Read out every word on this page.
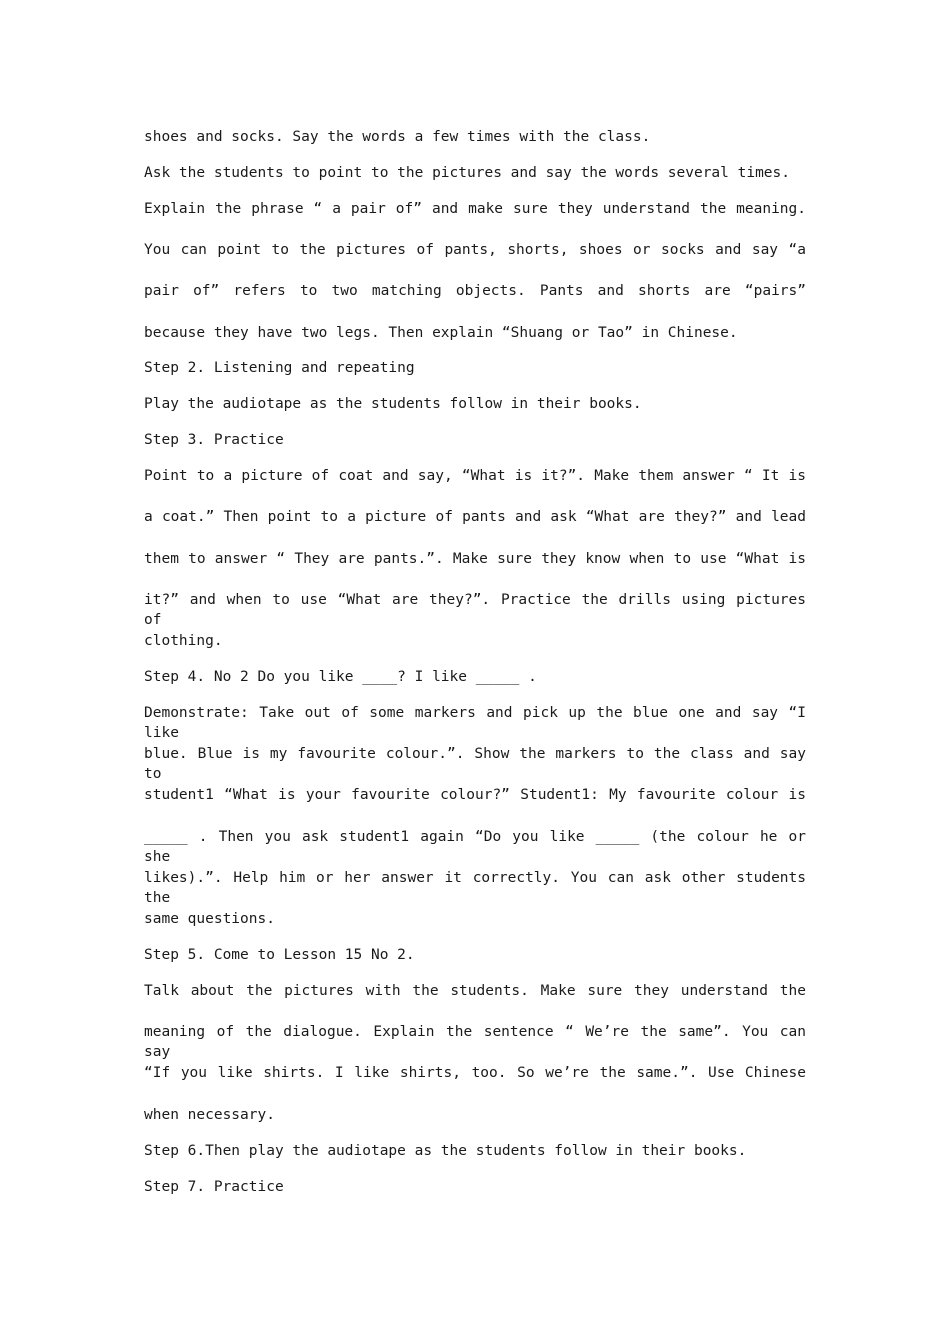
shoes and socks. Say the words a few times with the class.
Ask the students to point to the pictures and say the words several times.
Explain the phrase “ a pair of” and make sure they understand the meaning.
You can point to the pictures of pants, shorts, shoes or socks and say “a
pair of” refers to two matching objects. Pants and shorts are “pairs”
because they have two legs. Then explain “Shuang or Tao” in Chinese.
Step 2. Listening and repeating
Play the audiotape as the students follow in their books.
Step 3. Practice
Point to a picture of coat and say, “What is it?”. Make them answer “ It is
a coat.” Then point to a picture of pants and ask “What are they?” and lead
them to answer “ They are pants.”. Make sure they know when to use “What is
it?” and when to use “What are they?”. Practice the drills using pictures of
clothing.
Step 4. No 2 Do you like ____? I like _____ .
Demonstrate: Take out of some markers and pick up the blue one and say “I like
blue. Blue is my favourite colour.”. Show the markers to the class and say to
student1 “What is your favourite colour?” Student1: My favourite colour is
_____ . Then you ask student1 again “Do you like _____ (the colour he or she
likes).”. Help him or her answer it correctly. You can ask other students the
same questions.
Step 5. Come to Lesson 15 No 2.
Talk about the pictures with the students. Make sure they understand the
meaning of the dialogue. Explain the sentence “ We’re the same”. You can say
“If you like shirts. I like shirts, too. So we’re the same.”. Use Chinese
when necessary.
Step 6.Then play the audiotape as the students follow in their books.
Step 7. Practice
